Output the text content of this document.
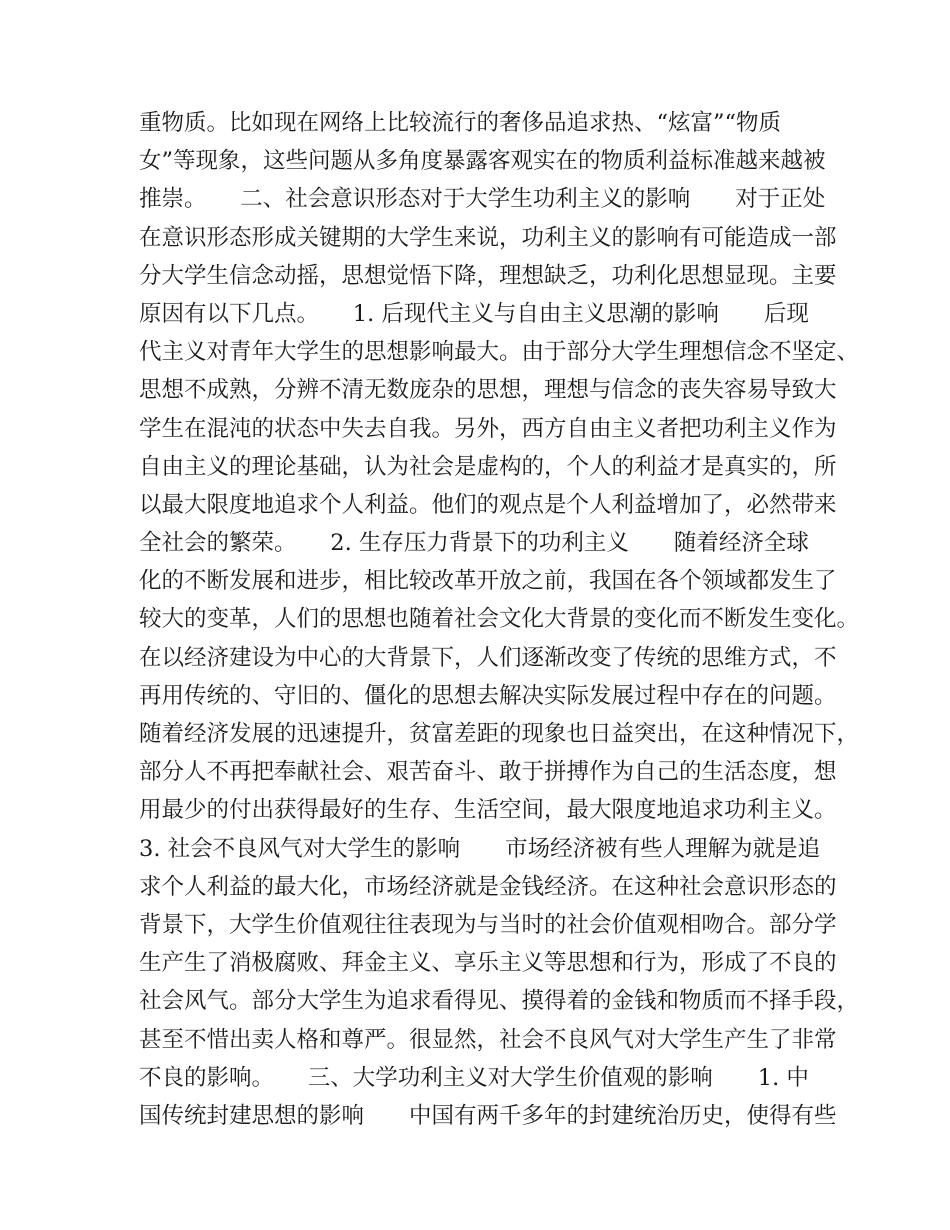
重物质。比如现在网络上比较流行的奢侈品追求热、“炫富”“物质
女”等现象，这些问题从多角度暴露客观实在的物质利益标准越来越被
推崇。　　二、社会意识形态对于大学生功利主义的影响　　对于正处
在意识形态形成关键期的大学生来说，功利主义的影响有可能造成一部
分大学生信念动摇，思想觉悟下降，理想缺乏，功利化思想显现。主要
原因有以下几点。　　1. 后现代主义与自由主义思潮的影响　　后现
代主义对青年大学生的思想影响最大。由于部分大学生理想信念不坚定、
思想不成熟，分辨不清无数庞杂的思想，理想与信念的丧失容易导致大
学生在混沌的状态中失去自我。另外，西方自由主义者把功利主义作为
自由主义的理论基础，认为社会是虚构的，个人的利益才是真实的，所
以最大限度地追求个人利益。他们的观点是个人利益增加了，必然带来
全社会的繁荣。　　2. 生存压力背景下的功利主义　　随着经济全球
化的不断发展和进步，相比较改革开放之前，我国在各个领域都发生了
较大的变革，人们的思想也随着社会文化大背景的变化而不断发生变化。
在以经济建设为中心的大背景下，人们逐渐改变了传统的思维方式，不
再用传统的、守旧的、僵化的思想去解决实际发展过程中存在的问题。
随着经济发展的迅速提升，贫富差距的现象也日益突出，在这种情况下，
部分人不再把奉献社会、艰苦奋斗、敢于拼搏作为自己的生活态度，想
用最少的付出获得最好的生存、生活空间，最大限度地追求功利主义。
3. 社会不良风气对大学生的影响　　市场经济被有些人理解为就是追
求个人利益的最大化，市场经济就是金钱经济。在这种社会意识形态的
背景下，大学生价值观往往表现为与当时的社会价值观相吻合。部分学
生产生了消极腐败、拜金主义、享乐主义等思想和行为，形成了不良的
社会风气。部分大学生为追求看得见、摸得着的金钱和物质而不择手段，
甚至不惜出卖人格和尊严。很显然，社会不良风气对大学生产生了非常
不良的影响。　　三、大学功利主义对大学生价值观的影响　　1. 中
国传统封建思想的影响　　中国有两千多年的封建统治历史，使得有些
